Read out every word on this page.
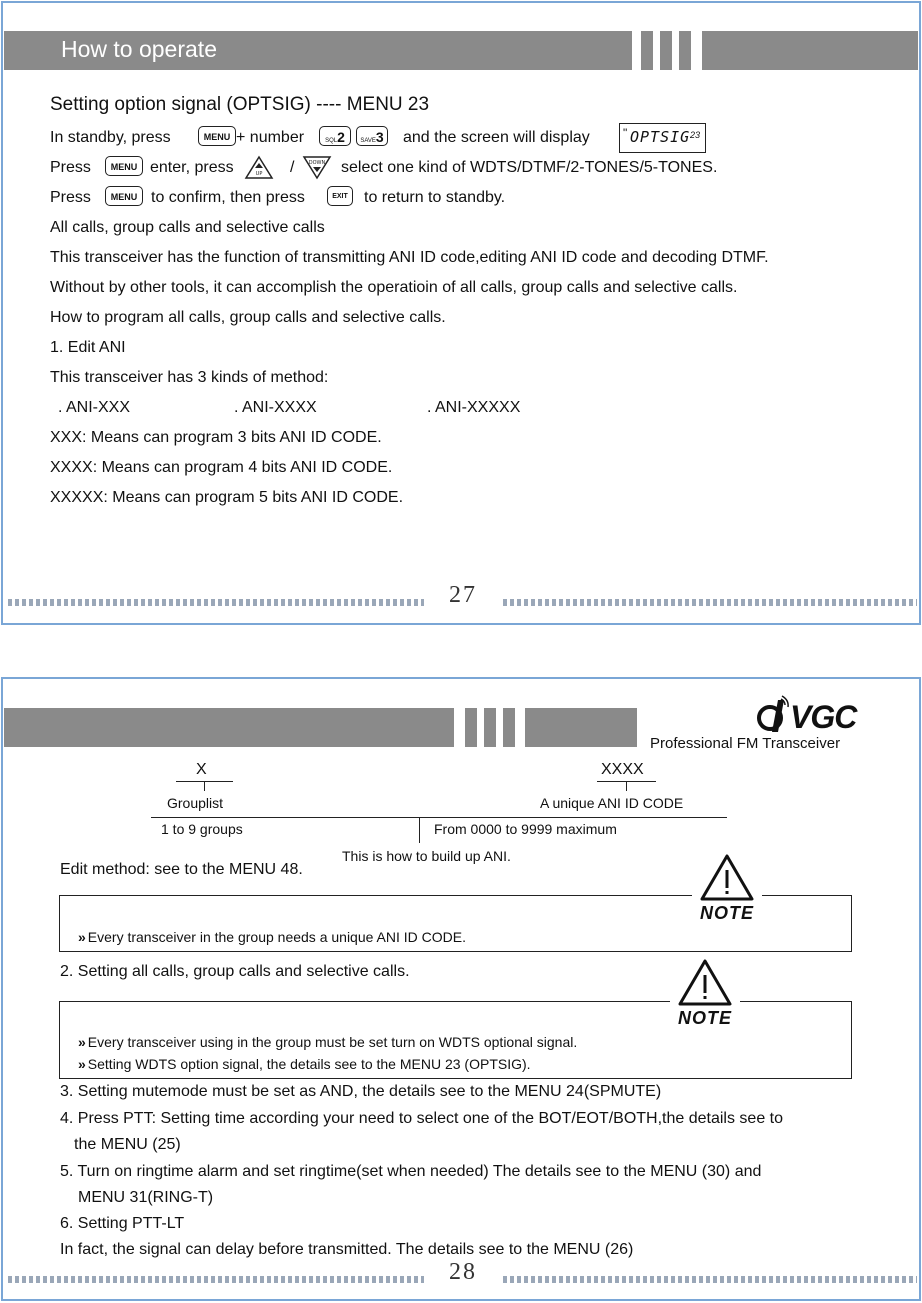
How to operate
Setting option signal (OPTSIG) ---- MENU 23
In standby, press	MENU + number	SQL2	SAVE3 and the screen will display	" OPTSIG 23
Press	MENU enter, press	UP /	DOWN select one kind of WDTS/DTMF/2-TONES/5-TONES.
Press	MENU to confirm, then press	EXIT	to return to standby.
All calls, group calls and selective calls
This transceiver has the function of transmitting ANI ID code,editing ANI ID code and decoding DTMF.
Without by other tools, it can accomplish the operatioin of all calls, group calls and selective calls.
How to program all calls, group calls and selective calls.
1. Edit ANI
This transceiver has 3 kinds of method:
. ANI-XXX	. ANI-XXXX	. ANI-XXXXX
XXX: Means can program 3 bits ANI ID CODE.
XXXX: Means can program 4 bits ANI ID CODE.
XXXXX: Means can program 5 bits ANI ID CODE.
27
VGC
Professional FM Transceiver
X	XXXX
Grouplist	A unique ANI ID CODE
1 to 9 groups	From 0000 to 9999 maximum
This is how to build up ANI.
Edit method: see to the MENU 48.
NOTE
» Every transceiver in the group needs a unique ANI ID CODE.
2. Setting all calls, group calls and selective calls.
NOTE
» Every transceiver using in the group must be set turn on WDTS optional signal.
» Setting WDTS option signal, the details see to the MENU 23 (OPTSIG).
3. Setting mutemode must be set as AND, the details see to the MENU 24(SPMUTE)
4. Press PTT: Setting time according your need to select one of the BOT/EOT/BOTH,the details see to
the MENU (25)
5. Turn on ringtime alarm and set ringtime(set when needed) The details see to the MENU (30) and
MENU 31(RING-T)
6. Setting PTT-LT
In fact, the signal can delay before transmitted. The details see to the MENU (26)
28
